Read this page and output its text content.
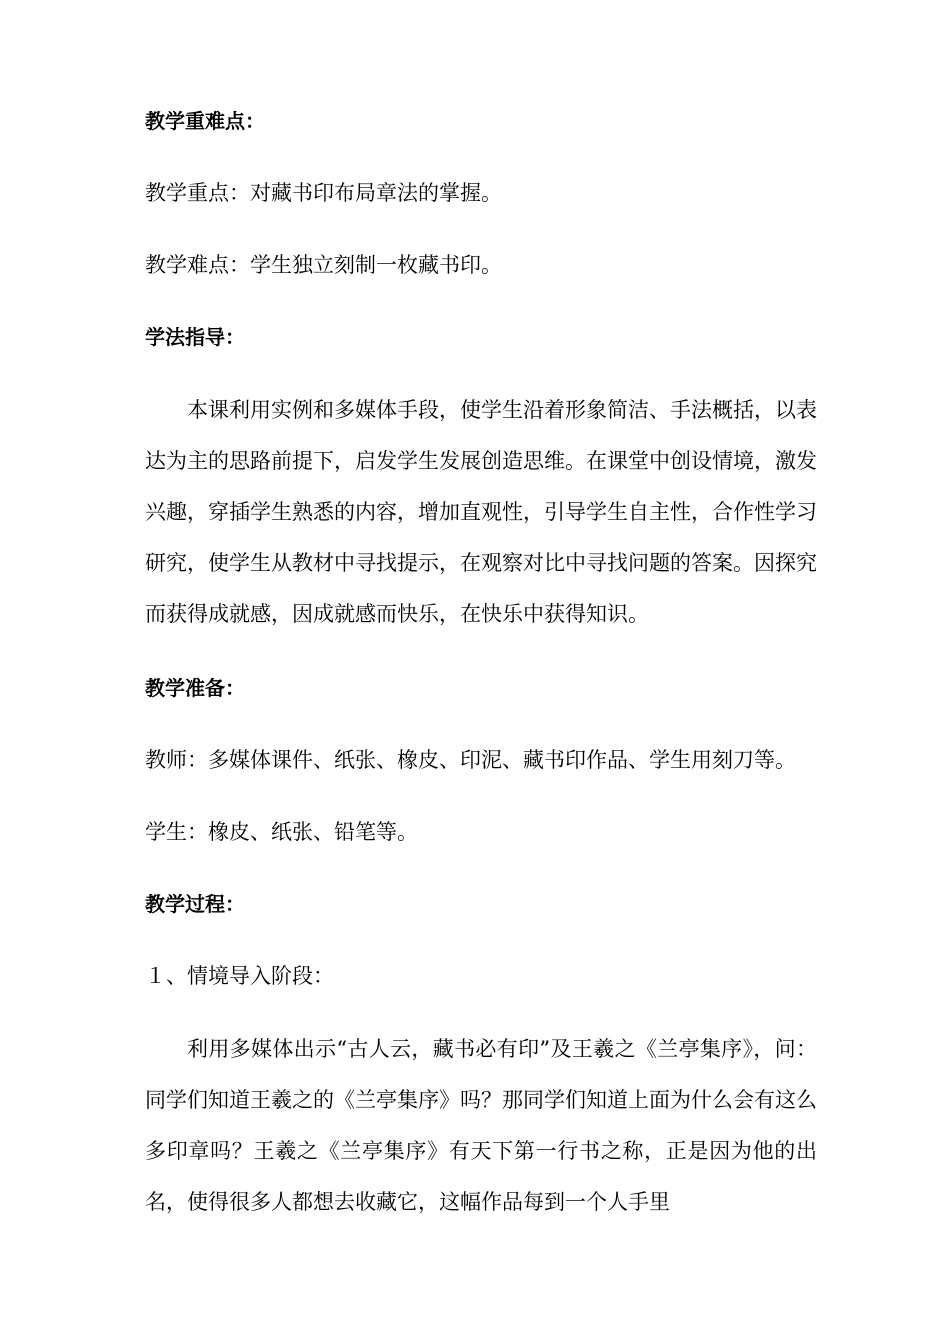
教学重难点：

教学重点：对藏书印布局章法的掌握。

教学难点：学生独立刻制一枚藏书印。

学法指导：

本课利用实例和多媒体手段，使学生沿着形象简洁、手法概括，以表达为主的思路前提下，启发学生发展创造思维。在课堂中创设情境，激发兴趣，穿插学生熟悉的内容，增加直观性，引导学生自主性，合作性学习研究，使学生从教材中寻找提示，在观察对比中寻找问题的答案。因探究而获得成就感，因成就感而快乐，在快乐中获得知识。

教学准备：

教师：多媒体课件、纸张、橡皮、印泥、藏书印作品、学生用刻刀等。

学生：橡皮、纸张、铅笔等。

教学过程：

１、情境导入阶段：

利用多媒体出示“古人云，藏书必有印”及王羲之《兰亭集序》，问：同学们知道王羲之的《兰亭集序》吗？那同学们知道上面为什么会有这么多印章吗？王羲之《兰亭集序》有天下第一行书之称，正是因为他的出名，使得很多人都想去收藏它，这幅作品每到一个人手里
